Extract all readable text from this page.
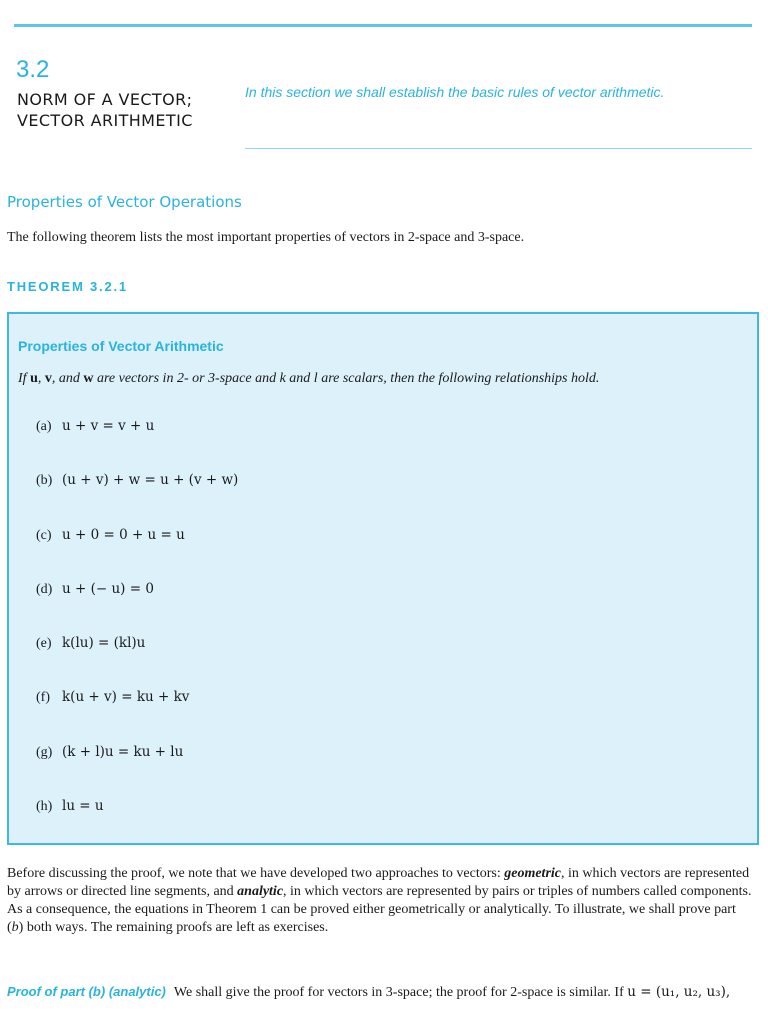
3.2
NORM OF A VECTOR;
VECTOR ARITHMETIC
In this section we shall establish the basic rules of vector arithmetic.
Properties of Vector Operations
The following theorem lists the most important properties of vectors in 2-space and 3-space.
THEOREM 3.2.1
Properties of Vector Arithmetic
If u, v, and w are vectors in 2- or 3-space and k and l are scalars, then the following relationships hold.
(a) u + v = v + u
(b) (u + v) + w = u + (v + w)
(c) u + 0 = 0 + u = u
(d) u + (− u) = 0
(e) k(lu) = (kl)u
(f) k(u + v) = ku + kv
(g) (k + l)u = ku + lu
(h) lu = u
Before discussing the proof, we note that we have developed two approaches to vectors: geometric, in which vectors are represented by arrows or directed line segments, and analytic, in which vectors are represented by pairs or triples of numbers called components. As a consequence, the equations in Theorem 1 can be proved either geometrically or analytically. To illustrate, we shall prove part (b) both ways. The remaining proofs are left as exercises.
Proof of part (b) (analytic) We shall give the proof for vectors in 3-space; the proof for 2-space is similar. If u = (u₁, u₂, u₃),
